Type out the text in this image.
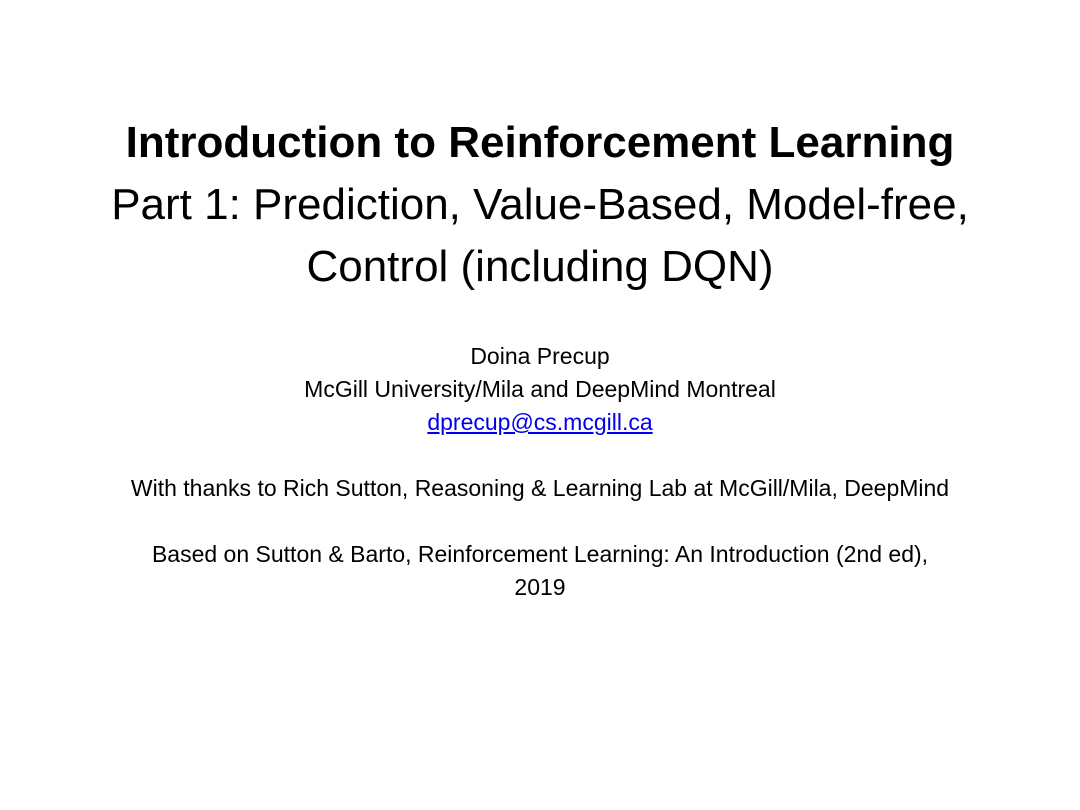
Introduction to Reinforcement Learning
Part 1: Prediction, Value-Based, Model-free,
Control (including DQN)
Doina Precup
McGill University/Mila and DeepMind Montreal
dprecup@cs.mcgill.ca
With thanks to Rich Sutton, Reasoning & Learning Lab at McGill/Mila, DeepMind
Based on Sutton & Barto, Reinforcement Learning: An Introduction (2nd ed),
2019
